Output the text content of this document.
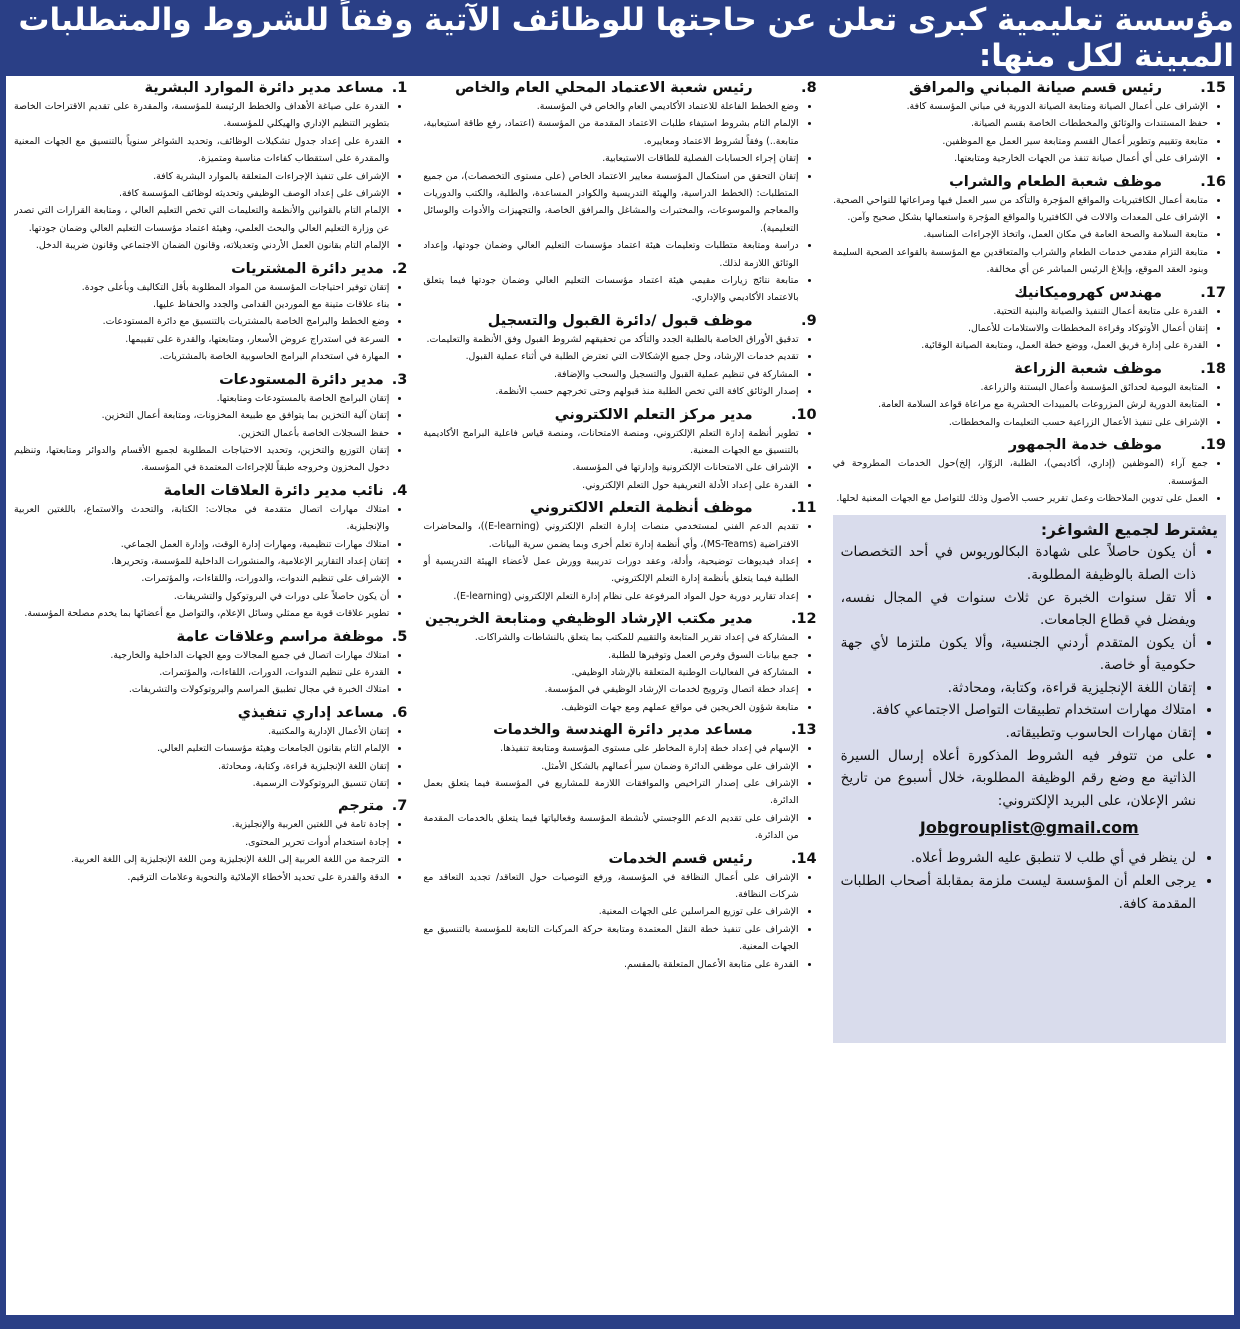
مؤسسة تعليمية كبرى تعلن عن حاجتها للوظائف الآتية وفقاً للشروط والمتطلبات المبينة لكل منها:
1.
مساعد مدير دائرة الموارد البشرية
• القدرة على صياغة الأهداف والخطط الرئيسة للمؤسسة، والمقدرة على تقديم الاقتراحات الخاصة بتطوير التنظيم الإداري والهيكلي للمؤسسة.
• القدرة على إعداد جدول تشكيلات الوظائف، وتحديد الشواغر سنوياً بالتنسيق مع الجهات المعنية والمقدرة على استقطاب كفاءات مناسبة ومتميزة.
• الإشراف على تنفيذ الإجراءات المتعلقة بالموارد البشرية كافة.
• الإشراف على إعداد الوصف الوظيفي وتحديثه لوظائف المؤسسة كافة.
• الإلمام التام بالقوانين والأنظمة والتعليمات التي تخص التعليم العالي ، ومتابعة القرارات التي تصدر عن وزارة التعليم العالي والبحث العلمي، وهيئة اعتماد مؤسسات التعليم العالي وضمان جودتها.
• الإلمام التام بقانون العمل الأردني وتعديلاته، وقانون الضمان الاجتماعي وقانون ضريبة الدخل.
2.
مدير دائرة المشتريات
• إتقان توفير احتياجات المؤسسة من المواد المطلوبة بأقل التكاليف وبأعلى جودة.
• بناء علاقات متينة مع الموردين القدامى والجدد والحفاظ عليها.
• وضع الخطط والبرامج الخاصة بالمشتريات بالتنسيق مع دائرة المستودعات.
• السرعة في استدراج عروض الأسعار، ومتابعتها، والقدرة على تقييمها.
• المهارة في استخدام البرامج الحاسوبية الخاصة بالمشتريات.
3.
مدير دائرة المستودعات
• إتقان البرامج الخاصة بالمستودعات ومتابعتها.
• إتقان آلية التخزين بما يتوافق مع طبيعة المخزونات، ومتابعة أعمال التخزين.
• حفظ السجلات الخاصة بأعمال التخزين.
• إتقان التوزيع والتخزين، وتحديد الاحتياجات المطلوبة لجميع الأقسام والدوائر ومتابعتها، وتنظيم دخول المخزون وخروجه طبقاً للإجراءات المعتمدة في المؤسسة.
4.
نائب مدير دائرة العلاقات العامة
• امتلاك مهارات اتصال متقدمة في مجالات: الكتابة، والتحدث والاستماع، باللغتين العربية والإنجليزية.
• امتلاك مهارات تنظيمية، ومهارات إدارة الوقت، وإدارة العمل الجماعي.
• إتقان إعداد التقارير الإعلامية، والمنشورات الداخلية للمؤسسة، وتحريرها.
• الإشراف على تنظيم الندوات، والدورات، واللقاءات، والمؤتمرات.
• أن يكون حاصلاً على دورات في البروتوكول والتشريفات.
• تطوير علاقات قوية مع ممثلي وسائل الإعلام، والتواصل مع أعضائها بما يخدم مصلحة المؤسسة.
5.
موظفة مراسم وعلاقات عامة
• امتلاك مهارات اتصال في جميع المجالات ومع الجهات الداخلية والخارجية.
• القدرة على تنظيم الندوات، الدورات، اللقاءات، والمؤتمرات.
• امتلاك الخبرة في مجال تطبيق المراسم والبروتوكولات والتشريفات.
6.
مساعد إداري تنفيذي
• إتقان الأعمال الإدارية والمكتبية.
• الإلمام التام بقانون الجامعات وهيئة مؤسسات التعليم العالي.
• إتقان اللغة الإنجليزية قراءة، وكتابة، ومحادثة.
• إتقان تنسيق البروتوكولات الرسمية.
7.
مترجم
• إجادة تامة في اللغتين العربية والإنجليزية.
• إجادة استخدام أدوات تحرير المحتوى.
• الترجمة من اللغة العربية إلى اللغة الإنجليزية ومن اللغة الإنجليزية إلى اللغة العربية.
• الدقة والقدرة على تحديد الأخطاء الإملائية والنحوية وعلامات الترقيم.
8.
رئيس شعبة الاعتماد المحلي العام والخاص
• وضع الخطط الفاعلة للاعتماد الأكاديمي العام والخاص في المؤسسة.
• الإلمام التام بشروط استيفاء طلبات الاعتماد المقدمة من المؤسسة (اعتماد، رفع طاقة استيعابية، متابعة..) وفقاً لشروط الاعتماد ومعاييره.
• إتقان إجراء الحسابات الفصلية للطاقات الاستيعابية.
• إتقان التحقق من استكمال المؤسسة معايير الاعتماد الخاص (على مستوى التخصصات)، من جميع المتطلبات: (الخطط الدراسية، والهيئة التدريسية والكوادر المساعدة، والطلبة، والكتب والدوريات والمعاجم والموسوعات، والمختبرات والمشاغل والمرافق الخاصة، والتجهيزات والأدوات والوسائل التعليمية).
• دراسة ومتابعة متطلبات وتعليمات هيئة اعتماد مؤسسات التعليم العالي وضمان جودتها، وإعداد الوثائق اللازمة لذلك.
• متابعة نتائج زيارات مقيمي هيئة اعتماد مؤسسات التعليم العالي وضمان جودتها فيما يتعلق بالاعتماد الأكاديمي والإداري.
9.
موظف قبول /دائرة القبول والتسجيل
• تدقيق الأوراق الخاصة بالطلبة الجدد والتأكد من تحقيقهم لشروط القبول وفق الأنظمة والتعليمات.
• تقديم خدمات الإرشاد، وحل جميع الإشكالات التي تعترض الطلبة في أثناء عملية القبول.
• المشاركة في تنظيم عملية القبول والتسجيل والسحب والإضافة.
• إصدار الوثائق كافة التي تخص الطلبة منذ قبولهم وحتى تخرجهم حسب الأنظمة.
10.
مدير مركز التعلم الالكتروني
• تطوير أنظمة إدارة التعلم الإلكتروني، ومنصة الامتحانات، ومنصة قياس فاعلية البرامج الأكاديمية بالتنسيق مع الجهات المعنية.
• الإشراف على الامتحانات الإلكترونية وإدارتها في المؤسسة.
• القدرة على إعداد الأدلة التعريفية حول التعلم الإلكتروني.
11.
موظف أنظمة التعلم الالكتروني
• تقديم الدعم الفني لمستخدمي منصات إدارة التعلم الإلكتروني (E-learning))، والمحاضرات الافتراضية (MS-Teams)، وأي أنظمة إدارة تعلم أخرى وبما يضمن سرية البيانات.
• إعداد فيديوهات توضيحية، وأدلة، وعقد دورات تدريبية وورش عمل لأعضاء الهيئة التدريسية أو الطلبة فيما يتعلق بأنظمة إدارة التعلم الإلكتروني.
• إعداد تقارير دورية حول المواد المرفوعة على نظام إدارة التعلم الإلكتروني (E-learning).
12.
مدير مكتب الإرشاد الوظيفي ومتابعة الخريجين
• المشاركة في إعداد تقرير المتابعة والتقييم للمكتب بما يتعلق بالنشاطات والشراكات.
• جمع بيانات السوق وفرص العمل وتوفيرها للطلبة.
• المشاركة في الفعاليات الوطنية المتعلقة بالإرشاد الوظيفي.
• إعداد خطة اتصال وترويج لخدمات الإرشاد الوظيفي في المؤسسة.
• متابعة شؤون الخريجين في مواقع عملهم ومع جهات التوظيف.
13.
مساعد مدير دائرة الهندسة والخدمات
• الإسهام في إعداد خطة إدارة المخاطر على مستوى المؤسسة ومتابعة تنفيذها.
• الإشراف على موظفي الدائرة وضمان سير أعمالهم بالشكل الأمثل.
• الإشراف على إصدار التراخيص والموافقات اللازمة للمشاريع في المؤسسة فيما يتعلق بعمل الدائرة.
• الإشراف على تقديم الدعم اللوجستي لأنشطة المؤسسة وفعالياتها فيما يتعلق بالخدمات المقدمة من الدائرة.
14.
رئيس قسم الخدمات
• الإشراف على أعمال النظافة في المؤسسة، ورفع التوصيات حول التعاقد/ تجديد التعاقد مع شركات النظافة.
• الإشراف على توزيع المراسلين على الجهات المعنية.
• الإشراف على تنفيذ خطة النقل المعتمدة ومتابعة حركة المركبات التابعة للمؤسسة بالتنسيق مع الجهات المعنية.
• القدرة على متابعة الأعمال المتعلقة بالمقسم.
15.
رئيس قسم صيانة المباني والمرافق
• الإشراف على أعمال الصيانة ومتابعة الصيانة الدورية في مباني المؤسسة كافة.
• حفظ المستندات والوثائق والمخططات الخاصة بقسم الصيانة.
• متابعة وتقييم وتطوير أعمال القسم ومتابعة سير العمل مع الموظفين.
• الإشراف على أي أعمال صيانة تنفذ من الجهات الخارجية ومتابعتها.
16.
موظف شعبة الطعام والشراب
• متابعة أعمال الكافتيريات والمواقع المؤجرة والتأكد من سير العمل فيها ومراعاتها للنواحي الصحية.
• الإشراف على المعدات والالات في الكافتيريا والمواقع المؤجرة واستعمالها بشكل صحيح وآمن.
• متابعة السلامة والصحة العامة في مكان العمل، واتخاذ الإجراءات المناسبة.
• متابعة التزام مقدمي خدمات الطعام والشراب والمتعاقدين مع المؤسسة بالقواعد الصحية السليمة وبنود العقد الموقع، وإبلاغ الرئيس المباشر عن أي مخالفة.
17.
مهندس كهروميكانيك
• القدرة على متابعة أعمال التنفيذ والصيانة والبنية التحتية.
• إتقان أعمال الأوتوكاد وقراءة المخططات والاستلامات للأعمال.
• القدرة على إدارة فريق العمل، ووضع خطة العمل، ومتابعة الصيانة الوقائية.
18.
موظف شعبة الزراعة
• المتابعة اليومية لحدائق المؤسسة وأعمال البستنة والزراعة.
• المتابعة الدورية لرش المزروعات بالمبيدات الحشرية مع مراعاة قواعد السلامة العامة.
• الإشراف على تنفيذ الأعمال الزراعية حسب التعليمات والمخططات.
19.
موظف خدمة الجمهور
• جمع آراء (الموظفين (إداري، أكاديمي)، الطلبة، الزوّار، إلخ)حول الخدمات المطروحة في المؤسسة.
• العمل على تدوين الملاحظات وعمل تقرير حسب الأصول وذلك للتواصل مع الجهات المعنية لحلها.
يشترط لجميع الشواغر:
• أن يكون حاصلاً على شهادة البكالوريوس في أحد التخصصات ذات الصلة بالوظيفة المطلوبة.
• ألا تقل سنوات الخبرة عن ثلاث سنوات في المجال نفسه، ويفضل في قطاع الجامعات.
• أن يكون المتقدم أردني الجنسية، وألا يكون ملتزما لأي جهة حكومية أو خاصة.
• إتقان اللغة الإنجليزية قراءة، وكتابة، ومحادثة.
• امتلاك مهارات استخدام تطبيقات التواصل الاجتماعي كافة.
• إتقان مهارات الحاسوب وتطبيقاته.
• على من تتوفر فيه الشروط المذكورة أعلاه إرسال السيرة الذاتية مع وضع رقم الوظيفة المطلوبة، خلال أسبوع من تاريخ نشر الإعلان، على البريد الإلكتروني:
Jobgrouplist@gmail.com
• لن ينظر في أي طلب لا تنطبق عليه الشروط أعلاه.
• يرجى العلم أن المؤسسة ليست ملزمة بمقابلة أصحاب الطلبات المقدمة كافة.
